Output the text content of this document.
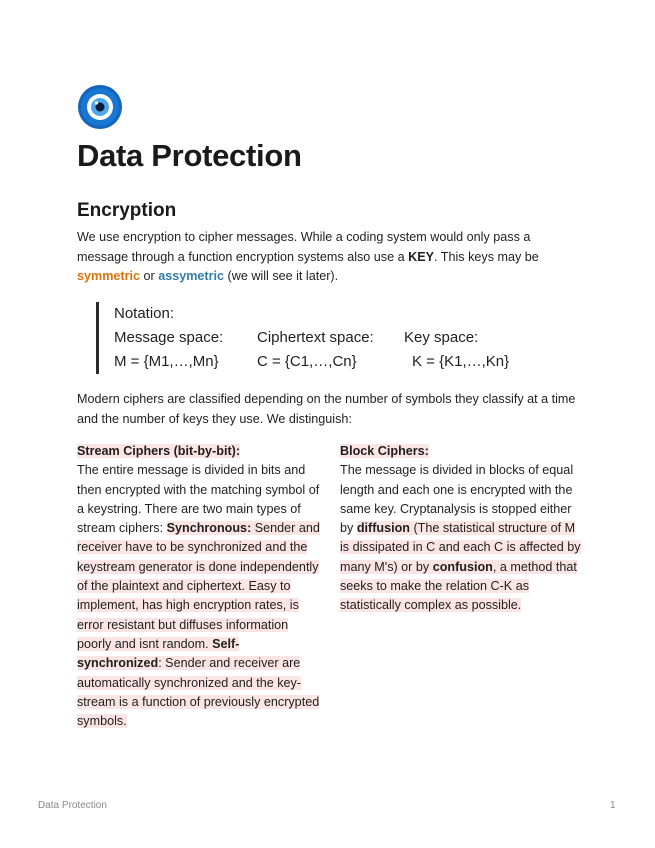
Data Protection
Encryption

We use encryption to cipher messages. While a coding system would only pass a message through a function encryption systems also use a KEY. This keys may be symmetric or assymetric (we will see it later).

Notation:
Message space: Ciphertext space: Key space:
M = {M1,…,Mn}	C = {C1,…,Cn}	K = {K1,…,Kn}

Modern ciphers are classified depending on the number of symbols they classify at a time and the number of keys they use. We distinguish:

Stream Ciphers (bit-by-bit):
The entire message is divided in bits and then encrypted with the matching symbol of a keystring. There are two main types of stream ciphers: Synchronous: Sender and receiver have to be synchronized and the keystream generator is done independently of the plaintext and ciphertext. Easy to implement, has high encryption rates, is error resistant but diffuses information poorly and isnt random. Self-synchronized: Sender and receiver are automatically synchronized and the key-stream is a function of previously encrypted symbols.
Block Ciphers:
The message is divided in blocks of equal length and each one is encrypted with the same key. Cryptanalysis is stopped either by diffusion (The statistical structure of M is dissipated in C and each C is affected by many M's) or by confusion, a method that seeks to make the relation C-K as statistically complex as possible.
Data Protection	1
